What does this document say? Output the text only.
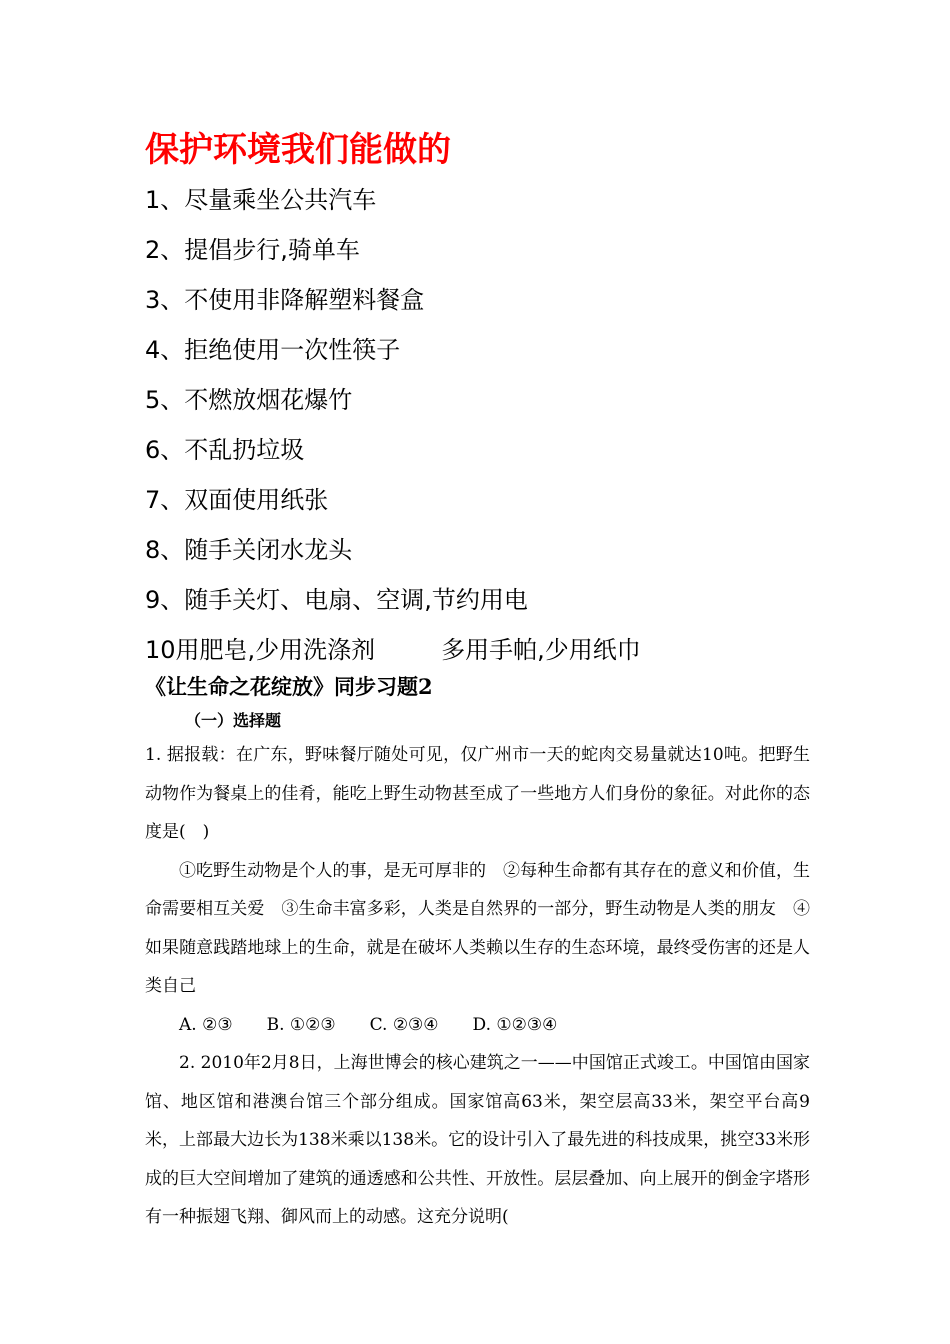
保护环境我们能做的
1、尽量乘坐公共汽车
2、提倡步行,骑单车
3、不使用非降解塑料餐盒
4、拒绝使用一次性筷子
5、不燃放烟花爆竹
6、不乱扔垃圾
7、双面使用纸张
8、随手关闭水龙头
9、随手关灯、电扇、空调,节约用电
10用肥皂,少用洗涤剂	多用手帕,少用纸巾
《让生命之花绽放》同步习题2
（一）选择题

1. 据报载：在广东，野味餐厅随处可见，仅广州市一天的蛇肉交易量就达10吨。把野生动物作为餐桌上的佳肴，能吃上野生动物甚至成了一些地方人们身份的象征。对此你的态度是(　)

①吃野生动物是个人的事，是无可厚非的　②每种生命都有其存在的意义和价值，生命需要相互关爱　③生命丰富多彩，人类是自然界的一部分，野生动物是人类的朋友　④如果随意践踏地球上的生命，就是在破坏人类赖以生存的生态环境，最终受伤害的还是人类自己

A. ②③ B. ①②③ C. ②③④ D. ①②③④

2. 2010年2月8日，上海世博会的核心建筑之一——中国馆正式竣工。中国馆由国家馆、地区馆和港澳台馆三个部分组成。国家馆高63米，架空层高33米，架空平台高9米，上部最大边长为138米乘以138米。它的设计引入了最先进的科技成果，挑空33米形成的巨大空间增加了建筑的通透感和公共性、开放性。层层叠加、向上展开的倒金字塔形有一种振翅飞翔、御风而上的动感。这充分说明(
